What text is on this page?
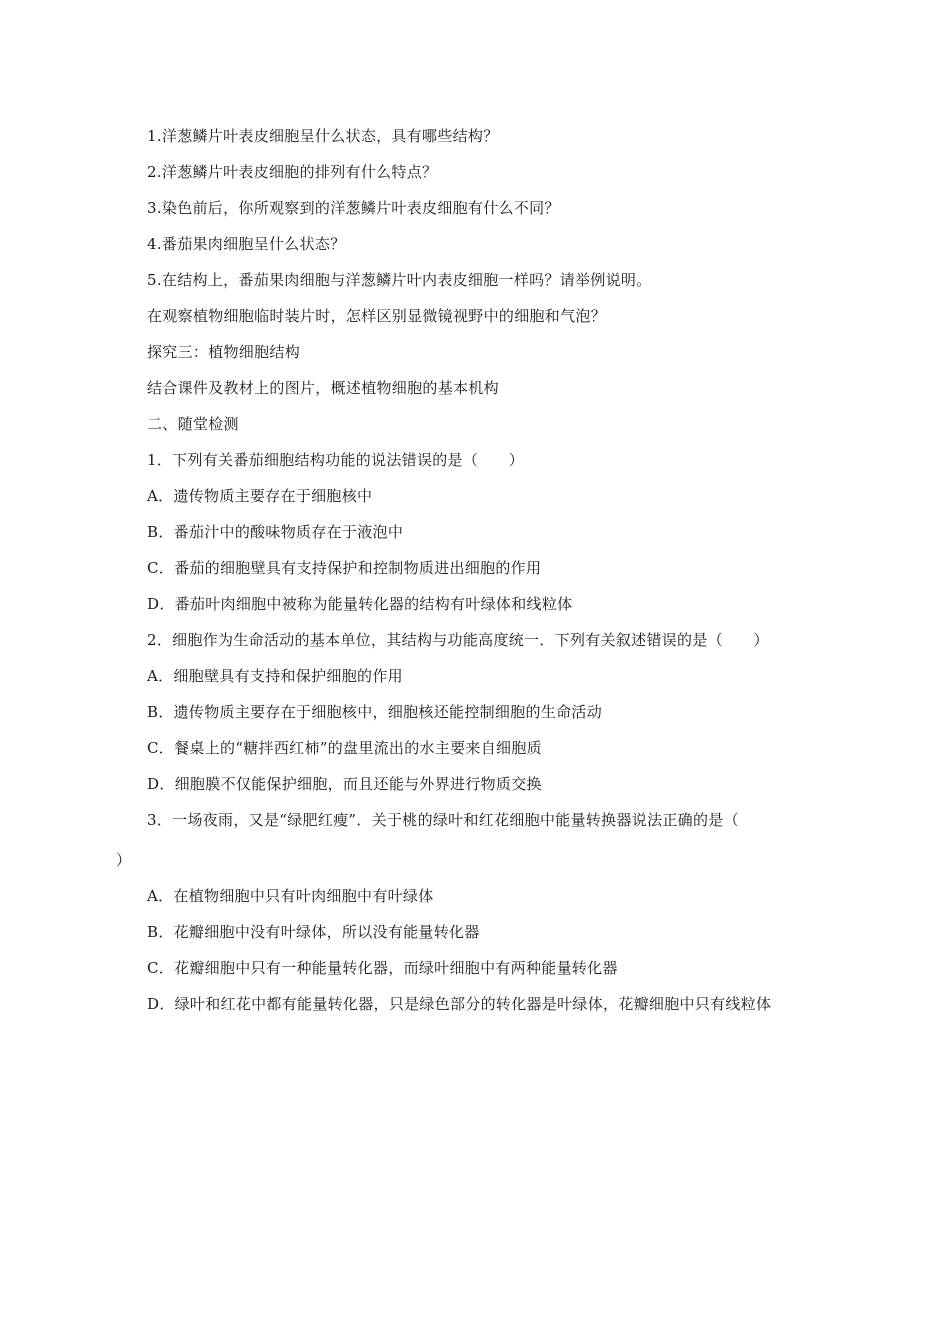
1.洋葱鳞片叶表皮细胞呈什么状态，具有哪些结构？
2.洋葱鳞片叶表皮细胞的排列有什么特点？
3.染色前后，你所观察到的洋葱鳞片叶表皮细胞有什么不同？
4.番茄果肉细胞呈什么状态？
5.在结构上，番茄果肉细胞与洋葱鳞片叶内表皮细胞一样吗？请举例说明。
在观察植物细胞临时装片时，怎样区别显微镜视野中的细胞和气泡？
探究三：植物细胞结构
结合课件及教材上的图片，概述植物细胞的基本机构
二、随堂检测
1．下列有关番茄细胞结构功能的说法错误的是（　　）
A．遗传物质主要存在于细胞核中
B．番茄汁中的酸味物质存在于液泡中
C．番茄的细胞壁具有支持保护和控制物质进出细胞的作用
D．番茄叶肉细胞中被称为能量转化器的结构有叶绿体和线粒体
2．细胞作为生命活动的基本单位，其结构与功能高度统一．下列有关叙述错误的是（　　）
A．细胞壁具有支持和保护细胞的作用
B．遗传物质主要存在于细胞核中，细胞核还能控制细胞的生命活动
C．餐桌上的“糖拌西红柿”的盘里流出的水主要来自细胞质
D．细胞膜不仅能保护细胞，而且还能与外界进行物质交换
3．一场夜雨，又是“绿肥红瘦”．关于桃的绿叶和红花细胞中能量转换器说法正确的是（
）
A．在植物细胞中只有叶肉细胞中有叶绿体
B．花瓣细胞中没有叶绿体，所以没有能量转化器
C．花瓣细胞中只有一种能量转化器，而绿叶细胞中有两种能量转化器
D．绿叶和红花中都有能量转化器，只是绿色部分的转化器是叶绿体，花瓣细胞中只有线粒体
